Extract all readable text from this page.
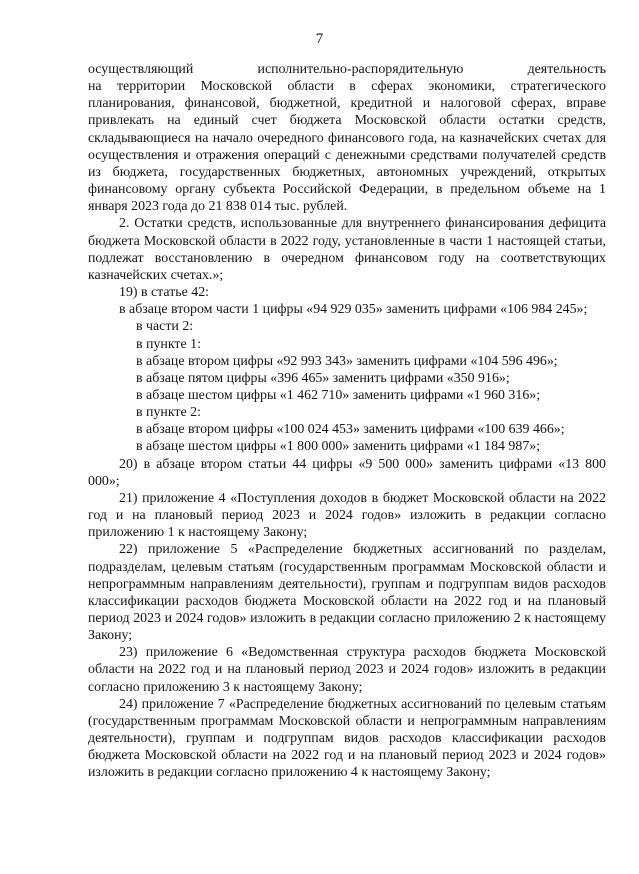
7

осуществляющий исполнительно-распорядительную деятельность

на территории Московской области в сферах экономики, стратегического планирования, финансовой, бюджетной, кредитной и налоговой сферах, вправе привлекать на единый счет бюджета Московской области остатки средств, складывающиеся на начало очередного финансового года, на казначейских счетах для осуществления и отражения операций с денежными средствами получателей средств из бюджета, государственных бюджетных, автономных учреждений, открытых финансовому органу субъекта Российской Федерации, в предельном объеме на 1 января 2023 года до 21 838 014 тыс. рублей.

2. Остатки средств, использованные для внутреннего финансирования дефицита бюджета Московской области в 2022 году, установленные в части 1 настоящей статьи, подлежат восстановлению в очередном финансовом году на соответствующих казначейских счетах.»;

19) в статье 42:

в абзаце втором части 1 цифры «94 929 035» заменить цифрами «106 984 245»;

в части 2:

в пункте 1:

в абзаце втором цифры «92 993 343» заменить цифрами «104 596 496»;

в абзаце пятом цифры «396 465» заменить цифрами «350 916»;

в абзаце шестом цифры «1 462 710» заменить цифрами «1 960 316»;

в пункте 2:

в абзаце втором цифры «100 024 453» заменить цифрами «100 639 466»;

в абзаце шестом цифры «1 800 000» заменить цифрами «1 184 987»;

20) в абзаце втором статьи 44 цифры «9 500 000» заменить цифрами «13 800 000»;

21) приложение 4 «Поступления доходов в бюджет Московской области на 2022 год и на плановый период 2023 и 2024 годов» изложить в редакции согласно приложению 1 к настоящему Закону;

22) приложение 5 «Распределение бюджетных ассигнований по разделам, подразделам, целевым статьям (государственным программам Московской области и непрограммным направлениям деятельности), группам и подгруппам видов расходов классификации расходов бюджета Московской области на 2022 год и на плановый период 2023 и 2024 годов» изложить в редакции согласно приложению 2 к настоящему Закону;

23) приложение 6 «Ведомственная структура расходов бюджета Московской области на 2022 год и на плановый период 2023 и 2024 годов» изложить в редакции согласно приложению 3 к настоящему Закону;

24) приложение 7 «Распределение бюджетных ассигнований по целевым статьям (государственным программам Московской области и непрограммным направлениям деятельности), группам и подгруппам видов расходов классификации расходов бюджета Московской области на 2022 год и на плановый период 2023 и 2024 годов» изложить в редакции согласно приложению 4 к настоящему Закону;
